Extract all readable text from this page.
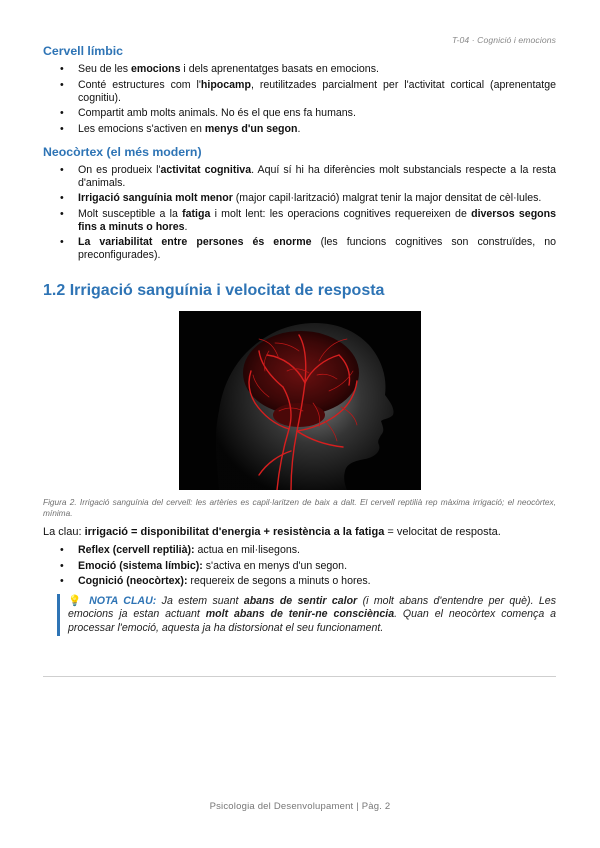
T-04 · Cognició i emocions
Cervell límbic
• Seu de les emocions i dels aprenentatges basats en emocions.
• Conté estructures com l'hipocamp, reutilitzades parcialment per l'activitat cortical (aprenentatge cognitiu).
• Compartit amb molts animals. No és el que ens fa humans.
• Les emocions s'activen en menys d'un segon.
Neocòrtex (el més modern)
• On es produeix l'activitat cognitiva. Aquí sí hi ha diferències molt substancials respecte a la resta d'animals.
• Irrigació sanguínia molt menor (major capil·larització) malgrat tenir la major densitat de cèl·lules.
• Molt susceptible a la fatiga i molt lent: les operacions cognitives requereixen de diversos segons fins a minuts o hores.
• La variabilitat entre persones és enorme (les funcions cognitives son construïdes, no preconfigurades).
1.2 Irrigació sanguínia i velocitat de resposta
Figura 2. Irrigació sanguínia del cervell: les artèries es capil·laritzen de baix a dalt. El cervell reptilià rep màxima irrigació; el neocòrtex, mínima.
La clau: irrigació = disponibilitat d'energia + resistència a la fatiga = velocitat de resposta.
• Reflex (cervell reptilià): actua en mil·lisegons.
• Emoció (sistema límbic): s'activa en menys d'un segon.
• Cognició (neocòrtex): requereix de segons a minuts o hores.
💡 NOTA CLAU: Ja estem suant abans de sentir calor (i molt abans d'entendre per què). Les emocions ja estan actuant molt abans de tenir-ne consciència. Quan el neocòrtex comença a processar l'emoció, aquesta ja ha distorsionat el seu funcionament.
Psicologia del Desenvolupament | Pàg. 2
